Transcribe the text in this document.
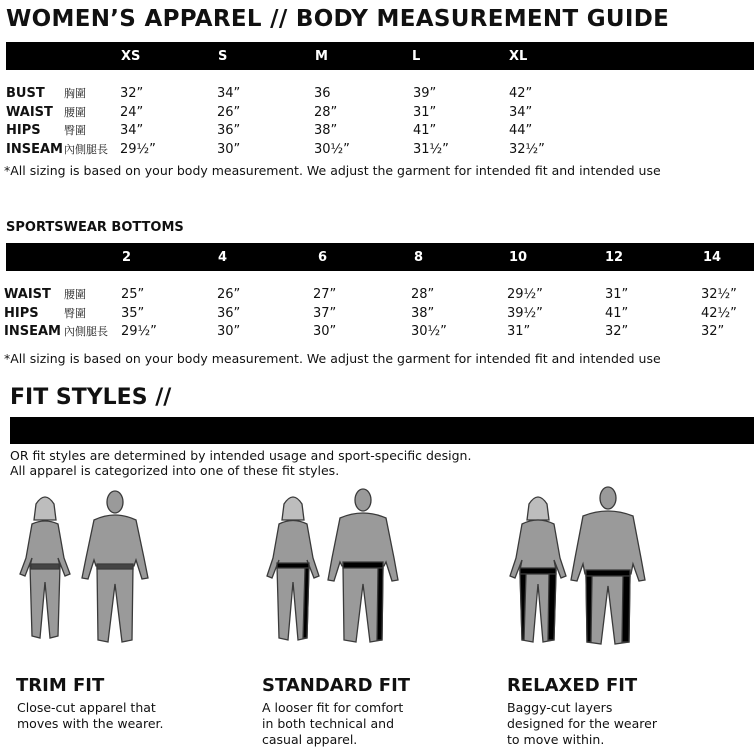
WOMEN’S APPAREL // BODY MEASUREMENT GUIDE
XS	S	M	L	XL
BUST 胸圍	32”	34”	36	39”	42”
WAIST 腰圍	24”	26”	28”	31”	34”
HIPS 臀圍	34”	36”	38”	41”	44”
INSEAM 內側腿長 29½”	30”	30½”	31½”	32½”
*All sizing is based on your body measurement. We adjust the garment for intended fit and intended use
SPORTSWEAR BOTTOMS
2	4	6	8	10	12	14
WAIST 腰圍	25”	26”	27”	28”	29½”	31”	32½”
HIPS 臀圍	35”	36”	37”	38”	39½”	41”	42½”
INSEAM 內側腿長 29½”	30”	30”	30½”	31”	32”	32”
*All sizing is based on your body measurement. We adjust the garment for intended fit and intended use
FIT STYLES //
OR fit styles are determined by intended usage and sport-specific design.
All apparel is categorized into one of these fit styles.
TRIM FIT
Close-cut apparel that
moves with the wearer.
STANDARD FIT
A looser fit for comfort
in both technical and
casual apparel.
RELAXED FIT
Baggy-cut layers
designed for the wearer
to move within.
